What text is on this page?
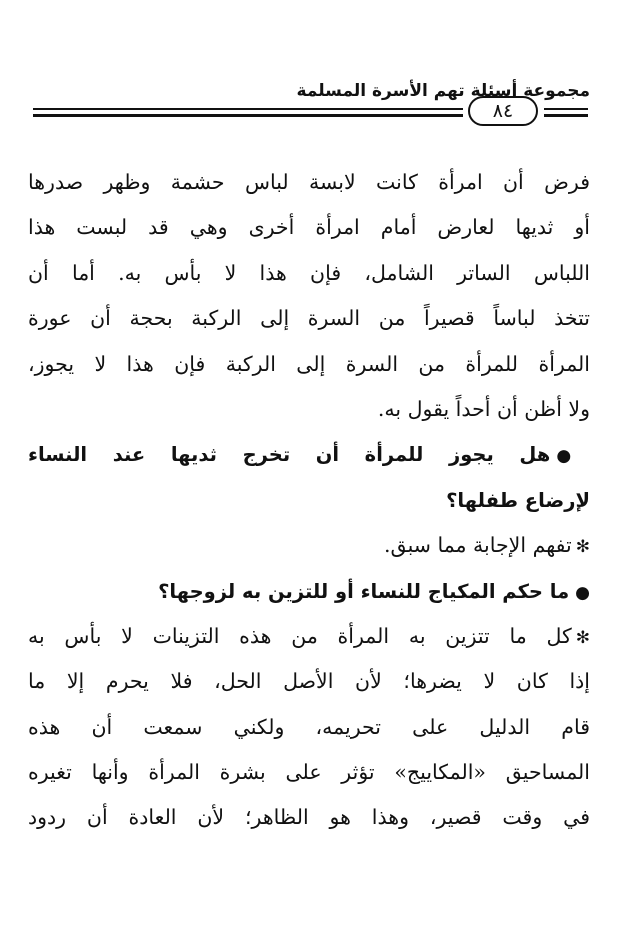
مجموعة أسئلة تهم الأسرة المسلمة
٨٤
فرض أن امرأة كانت لابسة لباس حشمة وظهر صدرها
أو ثديها لعارض أمام امرأة أخرى وهي قد لبست هذا
اللباس الساتر الشامل، فإن هذا لا بأس به. أما أن
تتخذ لباساً قصيراً من السرة إلى الركبة بحجة أن عورة
المرأة للمرأة من السرة إلى الركبة فإن هذا لا يجوز،
ولا أظن أن أحداً يقول به.
●هل يجوز للمرأة أن تخرج ثديها عند النساء
لإرضاع طفلها؟
✻تفهم الإجابة مما سبق.
●ما حكم المكياج للنساء أو للتزين به لزوجها؟
✻كل ما تتزين به المرأة من هذه التزينات لا بأس به
إذا كان لا يضرها؛ لأن الأصل الحل، فلا يحرم إلا ما
قام الدليل على تحريمه، ولكني سمعت أن هذه
المساحيق «المكاييج» تؤثر على بشرة المرأة وأنها تغيره
في وقت قصير، وهذا هو الظاهر؛ لأن العادة أن ردود
